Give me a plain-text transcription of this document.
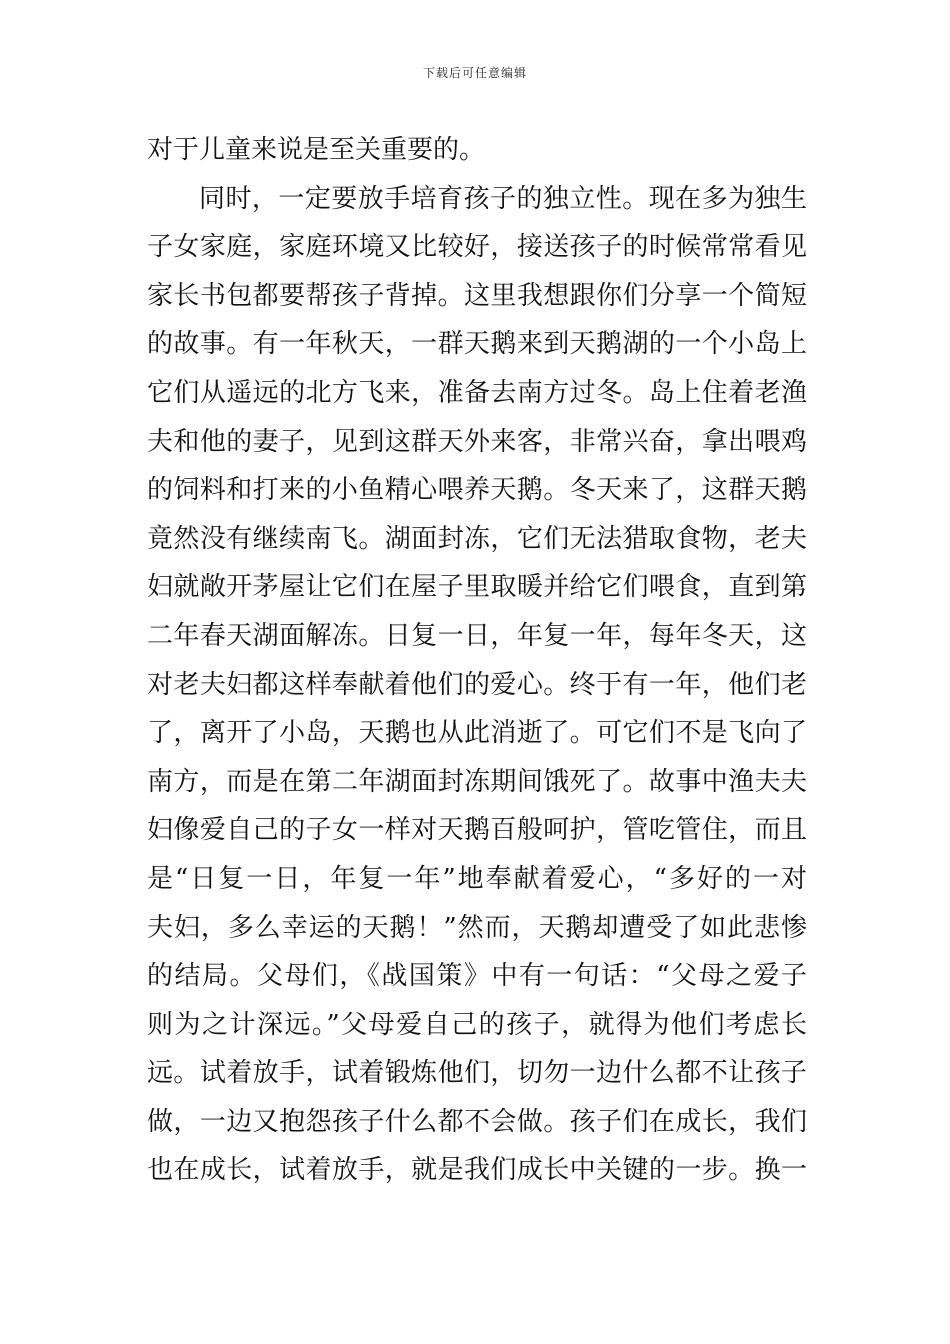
下载后可任意编辑
对于儿童来说是至关重要的。
同时，一定要放手培育孩子的独立性。现在多为独生
子女家庭，家庭环境又比较好，接送孩子的时候常常看见
家长书包都要帮孩子背掉。这里我想跟你们分享一个简短
的故事。有一年秋天，一群天鹅来到天鹅湖的一个小岛上
它们从遥远的北方飞来，准备去南方过冬。岛上住着老渔
夫和他的妻子，见到这群天外来客，非常兴奋，拿出喂鸡
的饲料和打来的小鱼精心喂养天鹅。冬天来了，这群天鹅
竟然没有继续南飞。湖面封冻，它们无法猎取食物，老夫
妇就敞开茅屋让它们在屋子里取暖并给它们喂食，直到第
二年春天湖面解冻。日复一日，年复一年，每年冬天，这
对老夫妇都这样奉献着他们的爱心。终于有一年，他们老
了，离开了小岛，天鹅也从此消逝了。可它们不是飞向了
南方，而是在第二年湖面封冻期间饿死了。故事中渔夫夫
妇像爱自己的子女一样对天鹅百般呵护，管吃管住，而且
是“日复一日，年复一年”地奉献着爱心，“多好的一对
夫妇，多么幸运的天鹅！”然而，天鹅却遭受了如此悲惨
的结局。父母们，《战国策》中有一句话：“父母之爱子
则为之计深远。”父母爱自己的孩子，就得为他们考虑长
远。试着放手，试着锻炼他们，切勿一边什么都不让孩子
做，一边又抱怨孩子什么都不会做。孩子们在成长，我们
也在成长，试着放手，就是我们成长中关键的一步。换一
